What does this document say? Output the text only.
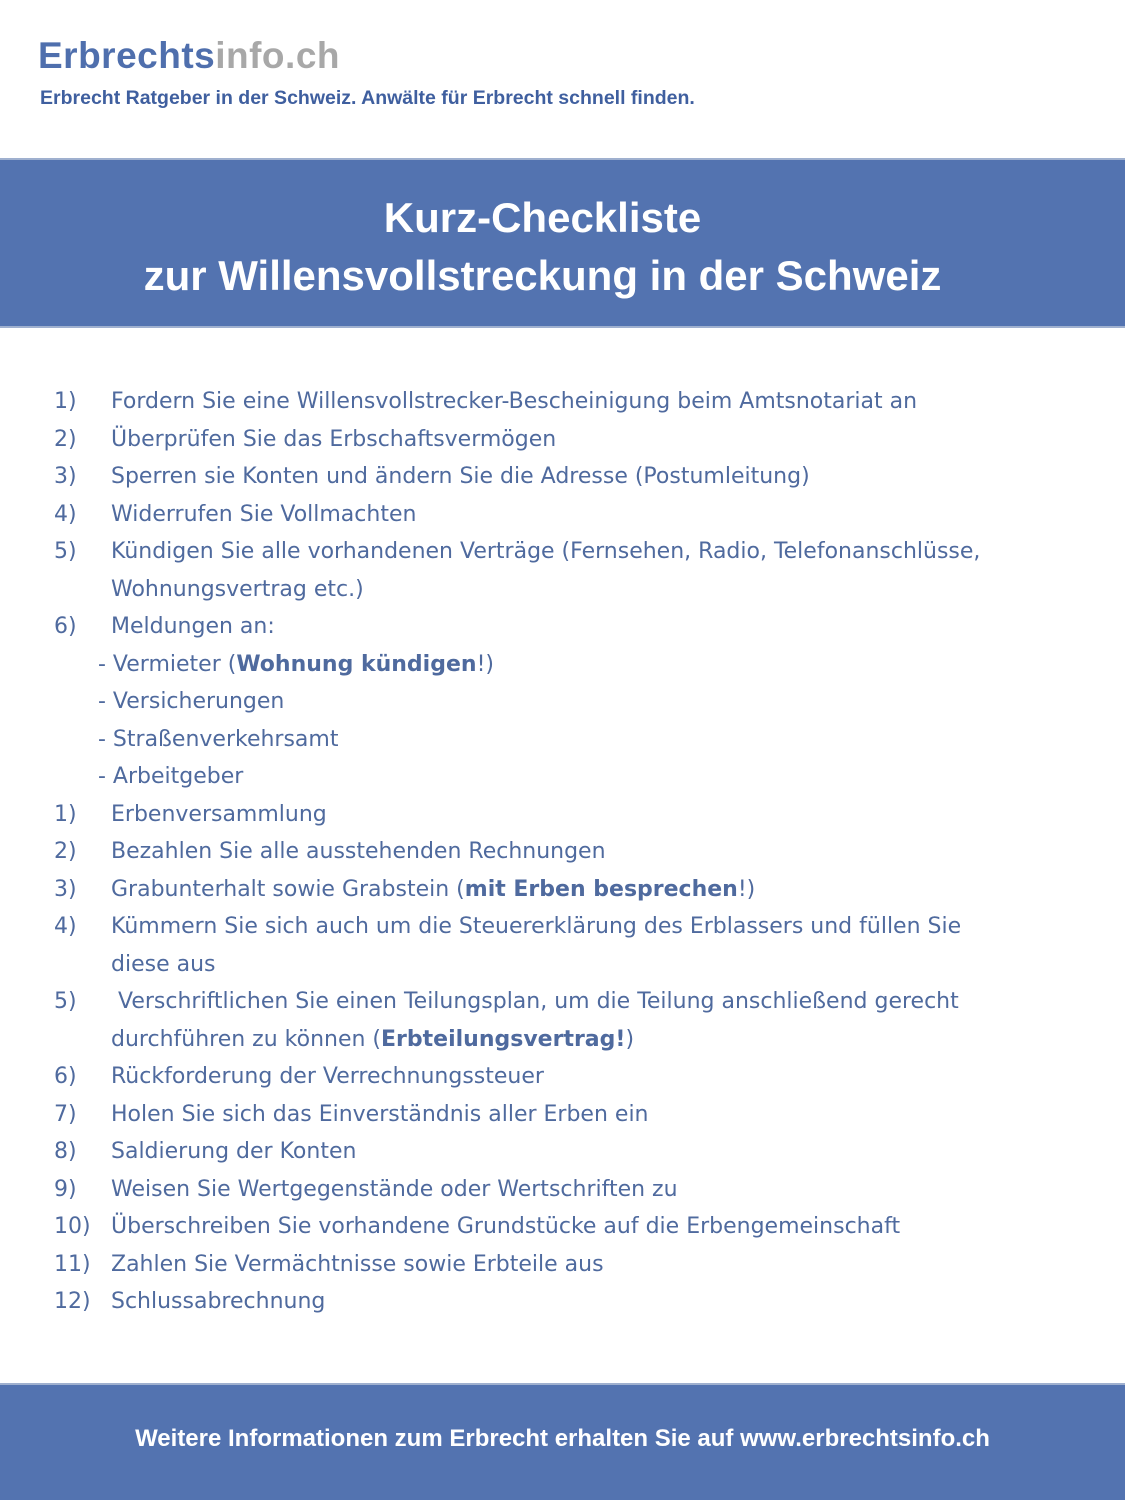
Erbrechtsinfo.ch
Erbrecht Ratgeber in der Schweiz. Anwälte für Erbrecht schnell finden.
Kurz-Checkliste
zur Willensvollstreckung in der Schweiz
1) Fordern Sie eine Willensvollstrecker-Bescheinigung beim Amtsnotariat an
2) Überprüfen Sie das Erbschaftsvermögen
3) Sperren sie Konten und ändern Sie die Adresse (Postumleitung)
4) Widerrufen Sie Vollmachten
5) Kündigen Sie alle vorhandenen Verträge (Fernsehen, Radio, Telefonanschlüsse,
Wohnungsvertrag etc.)
6) Meldungen an:
- Vermieter (Wohnung kündigen!)
- Versicherungen
- Straßenverkehrsamt
- Arbeitgeber
1) Erbenversammlung
2) Bezahlen Sie alle ausstehenden Rechnungen
3) Grabunterhalt sowie Grabstein (mit Erben besprechen!)
4) Kümmern Sie sich auch um die Steuererklärung des Erblassers und füllen Sie
diese aus
5) Verschriftlichen Sie einen Teilungsplan, um die Teilung anschließend gerecht
durchführen zu können (Erbteilungsvertrag!)
6) Rückforderung der Verrechnungssteuer
7) Holen Sie sich das Einverständnis aller Erben ein
8) Saldierung der Konten
9) Weisen Sie Wertgegenstände oder Wertschriften zu
10) Überschreiben Sie vorhandene Grundstücke auf die Erbengemeinschaft
11) Zahlen Sie Vermächtnisse sowie Erbteile aus
12) Schlussabrechnung
Weitere Informationen zum Erbrecht erhalten Sie auf www.erbrechtsinfo.ch
